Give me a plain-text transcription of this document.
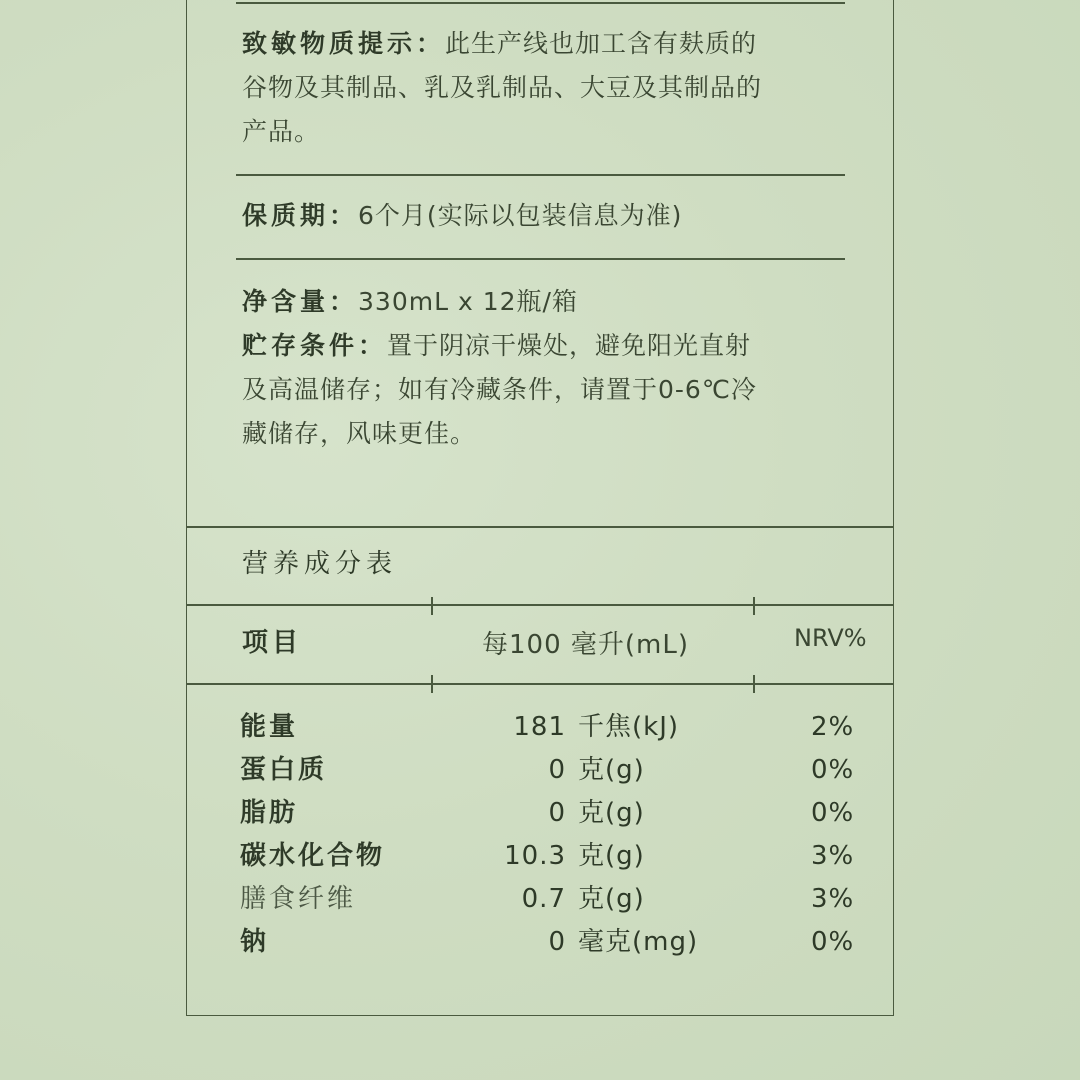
致敏物质提示：此生产线也加工含有麸质的
谷物及其制品、乳及乳制品、大豆及其制品的
产品。
保质期：6个月(实际以包装信息为准)
净含量：330mL x 12瓶/箱
贮存条件：置于阴凉干燥处，避免阳光直射
及高温储存；如有冷藏条件，请置于0-6℃冷
藏储存，风味更佳。
营养成分表
项目	每100 毫升(mL)	NRV%
能量	181 千焦(kJ)	2%
蛋白质	0 克(g)	0%
脂肪	0 克(g)	0%
碳水化合物	10.3 克(g)	3%
膳食纤维	0.7 克(g)	3%
钠	0 毫克(mg)	0%
